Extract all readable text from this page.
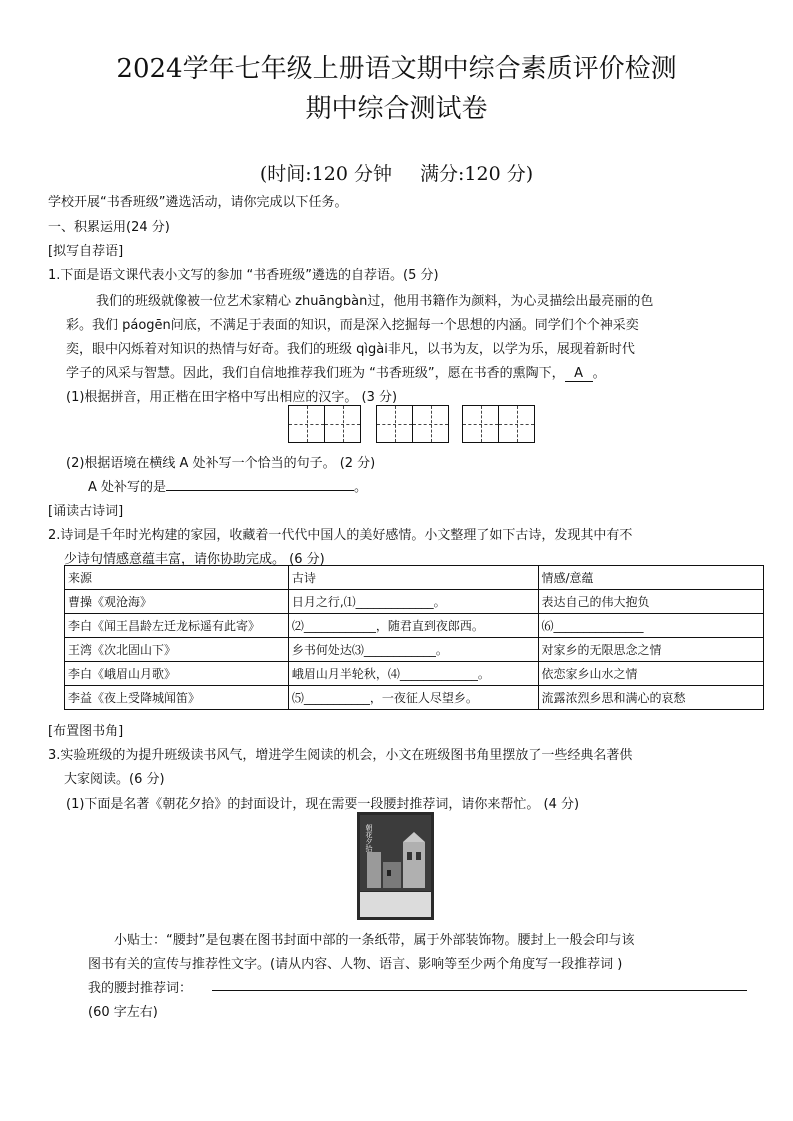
2024学年七年级上册语文期中综合素质评价检测
期中综合测试卷
(时间:120 分钟 满分:120 分)
学校开展“书香班级”遴选活动，请你完成以下任务。
一、积累运用(24 分)
[拟写自荐语]
1.下面是语文课代表小文写的参加 “书香班级”遴选的自荐语。(5 分)
我们的班级就像被一位艺术家精心 zhuāngbàn过，他用书籍作为颜料，为心灵描绘出最亮丽的色
彩。我们 páogēn问底，不满足于表面的知识，而是深入挖掘每一个思想的内涵。同学们个个神采奕
奕，眼中闪烁着对知识的热情与好奇。我们的班级 qìgài非凡，以书为友，以学为乐，展现着新时代
学子的风采与智慧。因此，我们自信地推荐我们班为 “书香班级”，愿在书香的熏陶下， A 。
(1)根据拼音，用正楷在田字格中写出相应的汉字。 (3 分)
(2)根据语境在横线 A 处补写一个恰当的句子。 (2 分)
A 处补写的是	。
[诵读古诗词]
2.诗词是千年时光构建的家园，收藏着一代代中国人的美好感情。小文整理了如下古诗，发现其中有不
少诗句情感意蕴丰富，请你协助完成。 (6 分)
来源	古诗	情感/意蕴
曹操《观沧海》	日月之行,⑴_____________。	表达自己的伟大抱负
李白《闻王昌龄左迁龙标遥有此寄》	⑵____________，随君直到夜郎西。	⑹_______________
王湾《次北固山下》	乡书何处达⑶____________。	对家乡的无限思念之情
李白《峨眉山月歌》	峨眉山月半轮秋，⑷_____________。	依恋家乡山水之情
李益《夜上受降城闻笛》	⑸___________，一夜征人尽望乡。	流露浓烈乡思和满心的哀愁
[布置图书角]
3.实验班级的为提升班级读书风气，增进学生阅读的机会，小文在班级图书角里摆放了一些经典名著供
大家阅读。(6 分)
(1)下面是名著《朝花夕拾》的封面设计，现在需要一段腰封推荐词，请你来帮忙。 (4 分)
朝花夕拾
小贴士：“腰封”是包裹在图书封面中部的一条纸带，属于外部装饰物。腰封上一般会印与该
图书有关的宣传与推荐性文字。(请从内容、人物、语言、影响等至少两个角度写一段推荐词 )
我的腰封推荐词：
(60 字左右)
